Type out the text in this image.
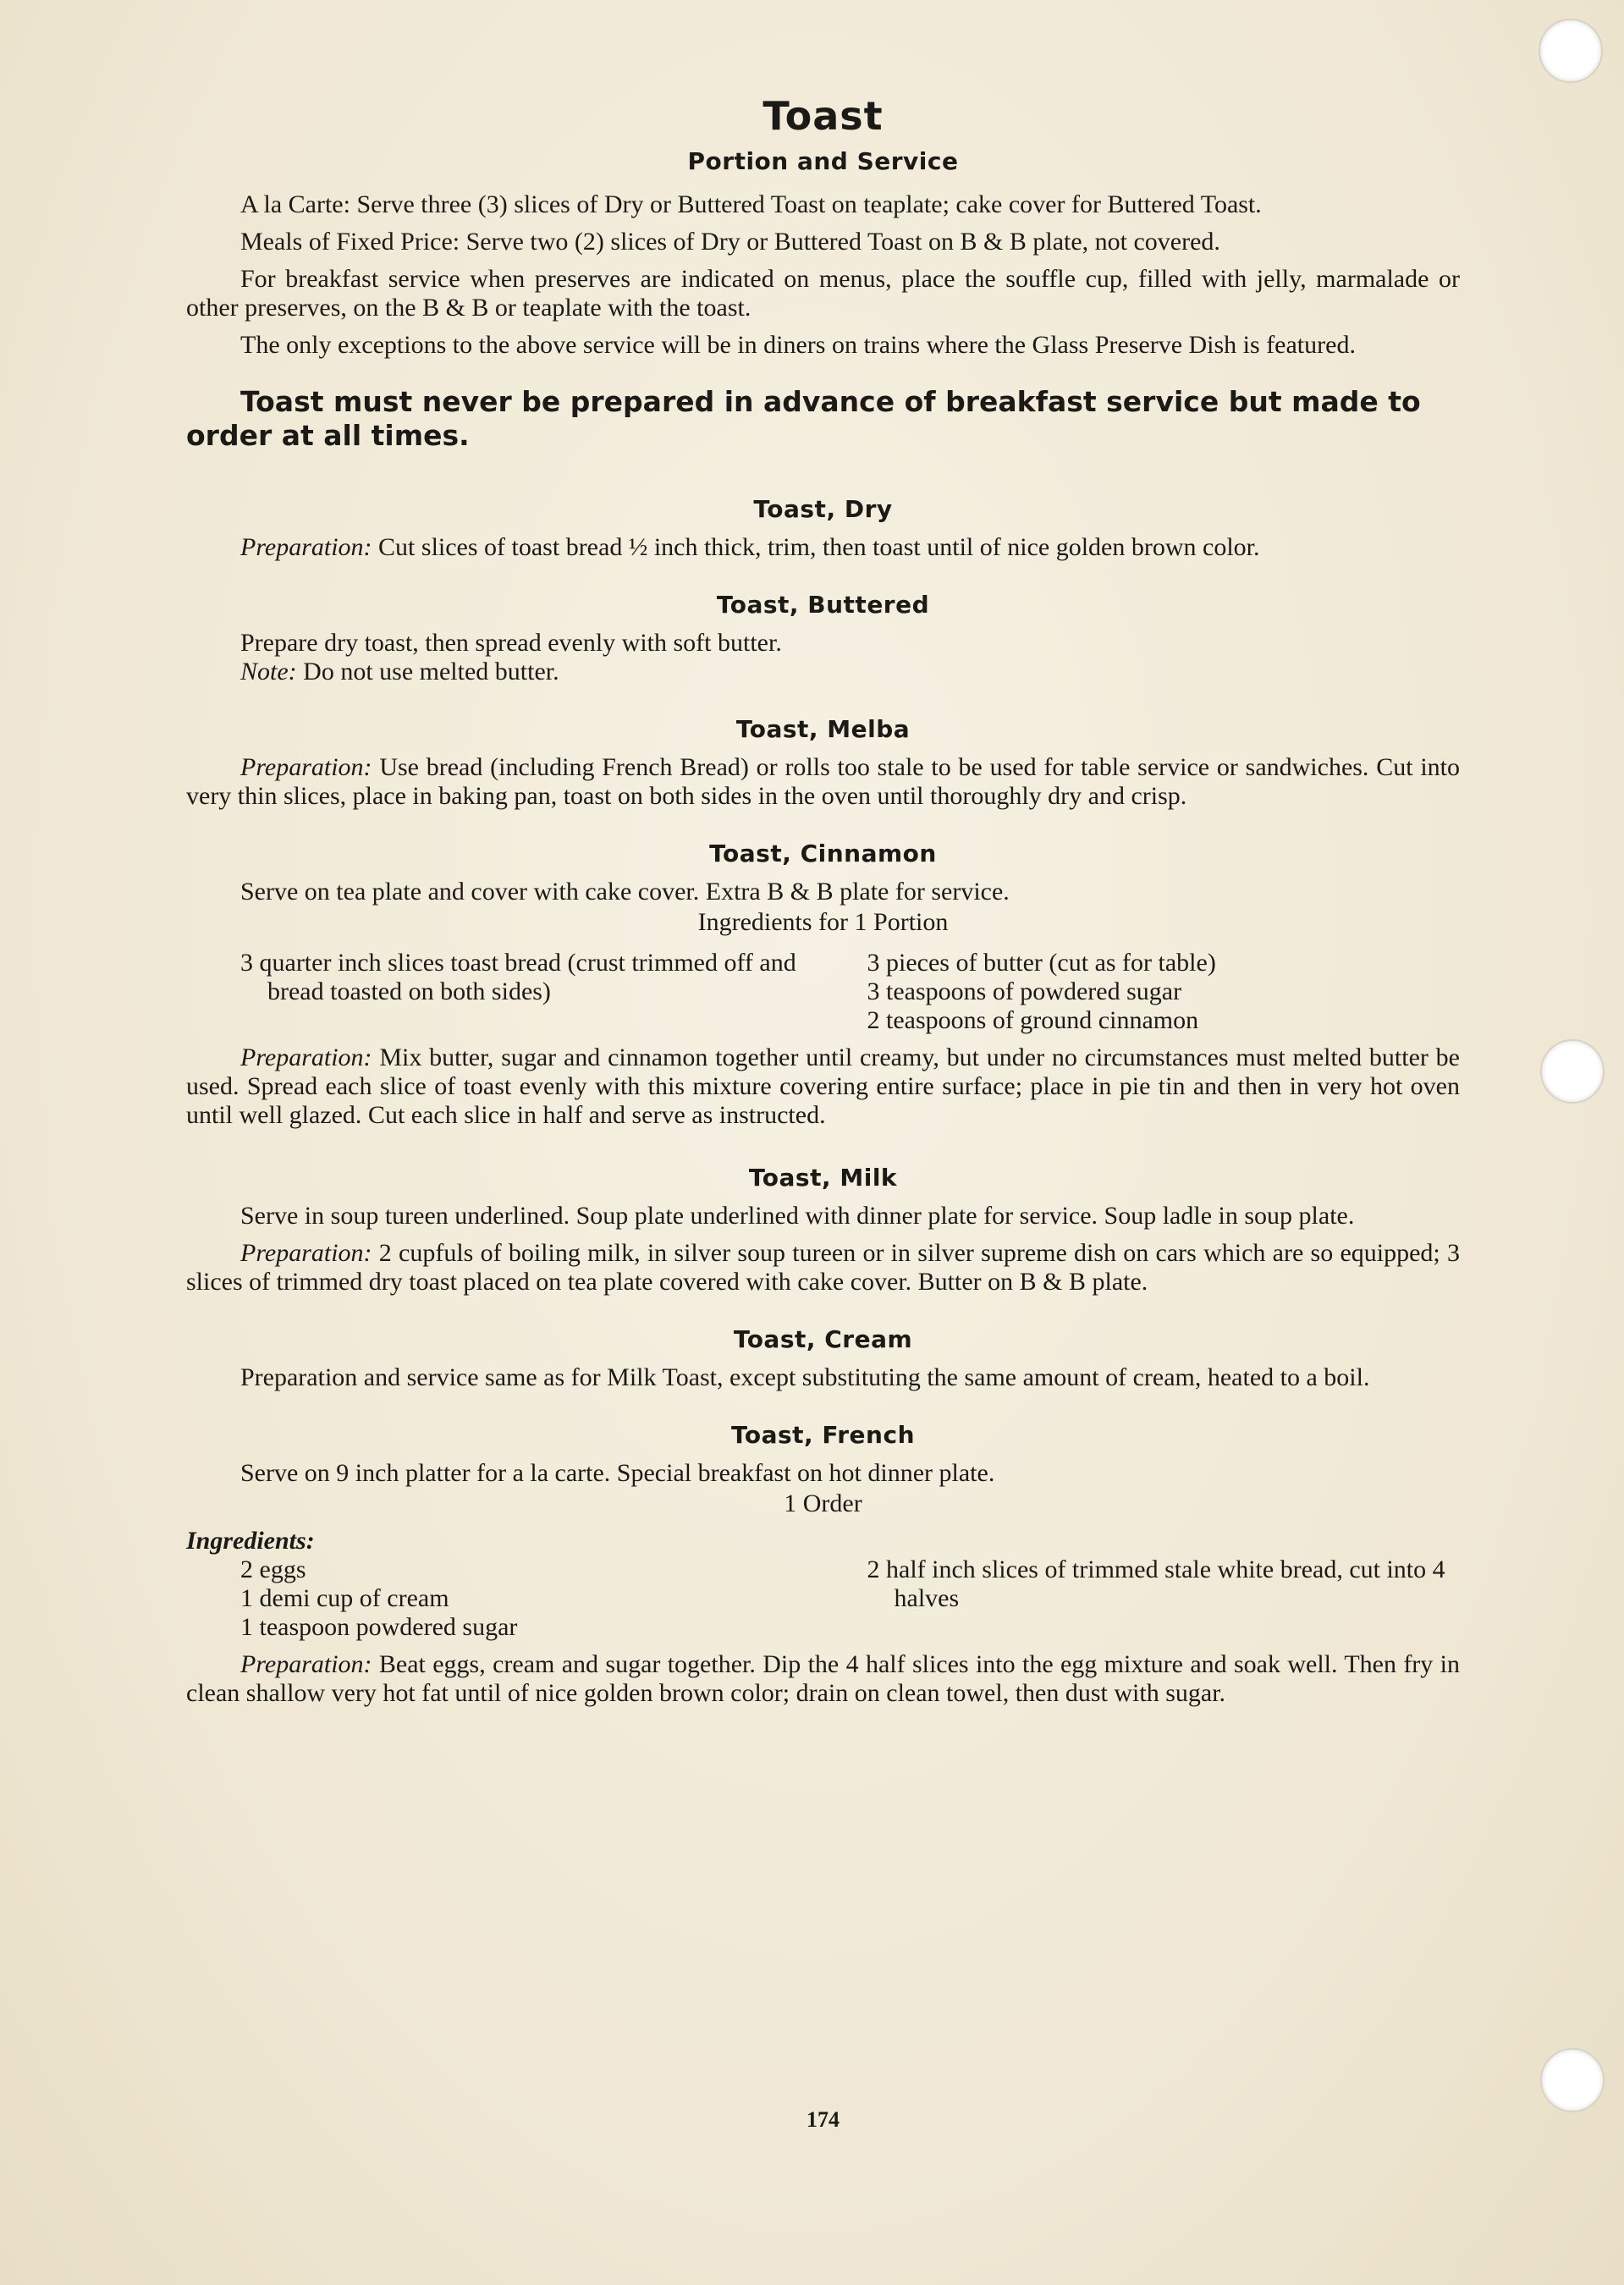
Toast
Portion and Service

A la Carte: Serve three (3) slices of Dry or Buttered Toast on teaplate; cake cover for Buttered Toast.

Meals of Fixed Price: Serve two (2) slices of Dry or Buttered Toast on B & B plate, not covered.

For breakfast service when preserves are indicated on menus, place the souffle cup, filled with jelly, marmalade or other preserves, on the B & B or teaplate with the toast.

The only exceptions to the above service will be in diners on trains where the Glass Preserve Dish is featured.

Toast must never be prepared in advance of breakfast service but made to order at all times.

Toast, Dry

Preparation: Cut slices of toast bread ½ inch thick, trim, then toast until of nice golden brown color.

Toast, Buttered

Prepare dry toast, then spread evenly with soft butter.

Note: Do not use melted butter.

Toast, Melba

Preparation: Use bread (including French Bread) or rolls too stale to be used for table service or sandwiches. Cut into very thin slices, place in baking pan, toast on both sides in the oven until thoroughly dry and crisp.

Toast, Cinnamon

Serve on tea plate and cover with cake cover. Extra B & B plate for service.

Ingredients for 1 Portion
3 quarter inch slices toast bread (crust trimmed off and bread toasted on both sides)
3 pieces of butter (cut as for table)
3 teaspoons of powdered sugar
2 teaspoons of ground cinnamon

Preparation: Mix butter, sugar and cinnamon together until creamy, but under no circumstances must melted butter be used. Spread each slice of toast evenly with this mixture covering entire surface; place in pie tin and then in very hot oven until well glazed. Cut each slice in half and serve as instructed.

Toast, Milk

Serve in soup tureen underlined. Soup plate underlined with dinner plate for service. Soup ladle in soup plate.

Preparation: 2 cupfuls of boiling milk, in silver soup tureen or in silver supreme dish on cars which are so equipped; 3 slices of trimmed dry toast placed on tea plate covered with cake cover. Butter on B & B plate.

Toast, Cream

Preparation and service same as for Milk Toast, except substituting the same amount of cream, heated to a boil.

Toast, French

Serve on 9 inch platter for a la carte. Special breakfast on hot dinner plate.

1 Order
Ingredients:
2 eggs
1 demi cup of cream
1 teaspoon powdered sugar
2 half inch slices of trimmed stale white bread, cut into 4 halves

Preparation: Beat eggs, cream and sugar together. Dip the 4 half slices into the egg mixture and soak well. Then fry in clean shallow very hot fat until of nice golden brown color; drain on clean towel, then dust with sugar.

174
